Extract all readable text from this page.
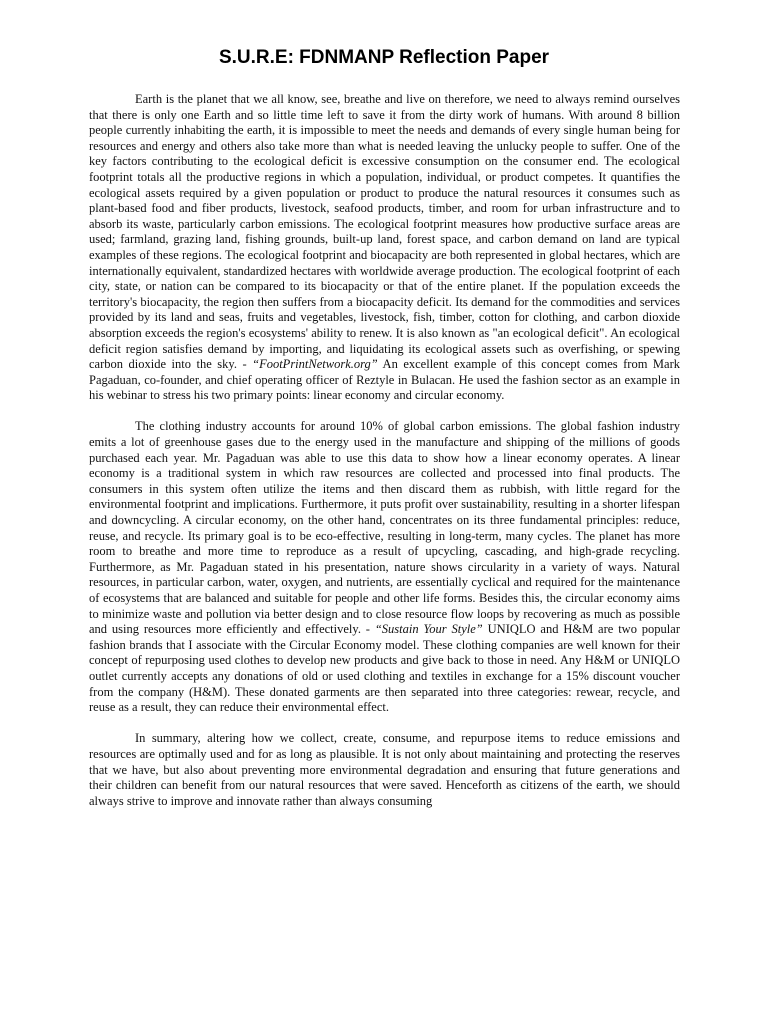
S.U.R.E: FDNMANP Reflection Paper

Earth is the planet that we all know, see, breathe and live on therefore, we need to always remind ourselves that there is only one Earth and so little time left to save it from the dirty work of humans. With around 8 billion people currently inhabiting the earth, it is impossible to meet the needs and demands of every single human being for resources and energy and others also take more than what is needed leaving the unlucky people to suffer. One of the key factors contributing to the ecological deficit is excessive consumption on the consumer end. The ecological footprint totals all the productive regions in which a population, individual, or product competes. It quantifies the ecological assets required by a given population or product to produce the natural resources it consumes such as plant-based food and fiber products, livestock, seafood products, timber, and room for urban infrastructure and to absorb its waste, particularly carbon emissions. The ecological footprint measures how productive surface areas are used; farmland, grazing land, fishing grounds, built-up land, forest space, and carbon demand on land are typical examples of these regions. The ecological footprint and biocapacity are both represented in global hectares, which are internationally equivalent, standardized hectares with worldwide average production. The ecological footprint of each city, state, or nation can be compared to its biocapacity or that of the entire planet. If the population exceeds the territory's biocapacity, the region then suffers from a biocapacity deficit. Its demand for the commodities and services provided by its land and seas, fruits and vegetables, livestock, fish, timber, cotton for clothing, and carbon dioxide absorption exceeds the region's ecosystems' ability to renew. It is also known as "an ecological deficit". An ecological deficit region satisfies demand by importing, and liquidating its ecological assets such as overfishing, or spewing carbon dioxide into the sky. - “FootPrintNetwork.org” An excellent example of this concept comes from Mark Pagaduan, co-founder, and chief operating officer of Reztyle in Bulacan. He used the fashion sector as an example in his webinar to stress his two primary points: linear economy and circular economy.

The clothing industry accounts for around 10% of global carbon emissions. The global fashion industry emits a lot of greenhouse gases due to the energy used in the manufacture and shipping of the millions of goods purchased each year. Mr. Pagaduan was able to use this data to show how a linear economy operates. A linear economy is a traditional system in which raw resources are collected and processed into final products. The consumers in this system often utilize the items and then discard them as rubbish, with little regard for the environmental footprint and implications. Furthermore, it puts profit over sustainability, resulting in a shorter lifespan and downcycling. A circular economy, on the other hand, concentrates on its three fundamental principles: reduce, reuse, and recycle. Its primary goal is to be eco-effective, resulting in long-term, many cycles. The planet has more room to breathe and more time to reproduce as a result of upcycling, cascading, and high-grade recycling. Furthermore, as Mr. Pagaduan stated in his presentation, nature shows circularity in a variety of ways. Natural resources, in particular carbon, water, oxygen, and nutrients, are essentially cyclical and required for the maintenance of ecosystems that are balanced and suitable for people and other life forms. Besides this, the circular economy aims to minimize waste and pollution via better design and to close resource flow loops by recovering as much as possible and using resources more efficiently and effectively. - “Sustain Your Style” UNIQLO and H&M are two popular fashion brands that I associate with the Circular Economy model. These clothing companies are well known for their concept of repurposing used clothes to develop new products and give back to those in need. Any H&M or UNIQLO outlet currently accepts any donations of old or used clothing and textiles in exchange for a 15% discount voucher from the company (H&M). These donated garments are then separated into three categories: rewear, recycle, and reuse as a result, they can reduce their environmental effect.

In summary, altering how we collect, create, consume, and repurpose items to reduce emissions and resources are optimally used and for as long as plausible. It is not only about maintaining and protecting the reserves that we have, but also about preventing more environmental degradation and ensuring that future generations and their children can benefit from our natural resources that were saved. Henceforth as citizens of the earth, we should always strive to improve and innovate rather than always consuming
